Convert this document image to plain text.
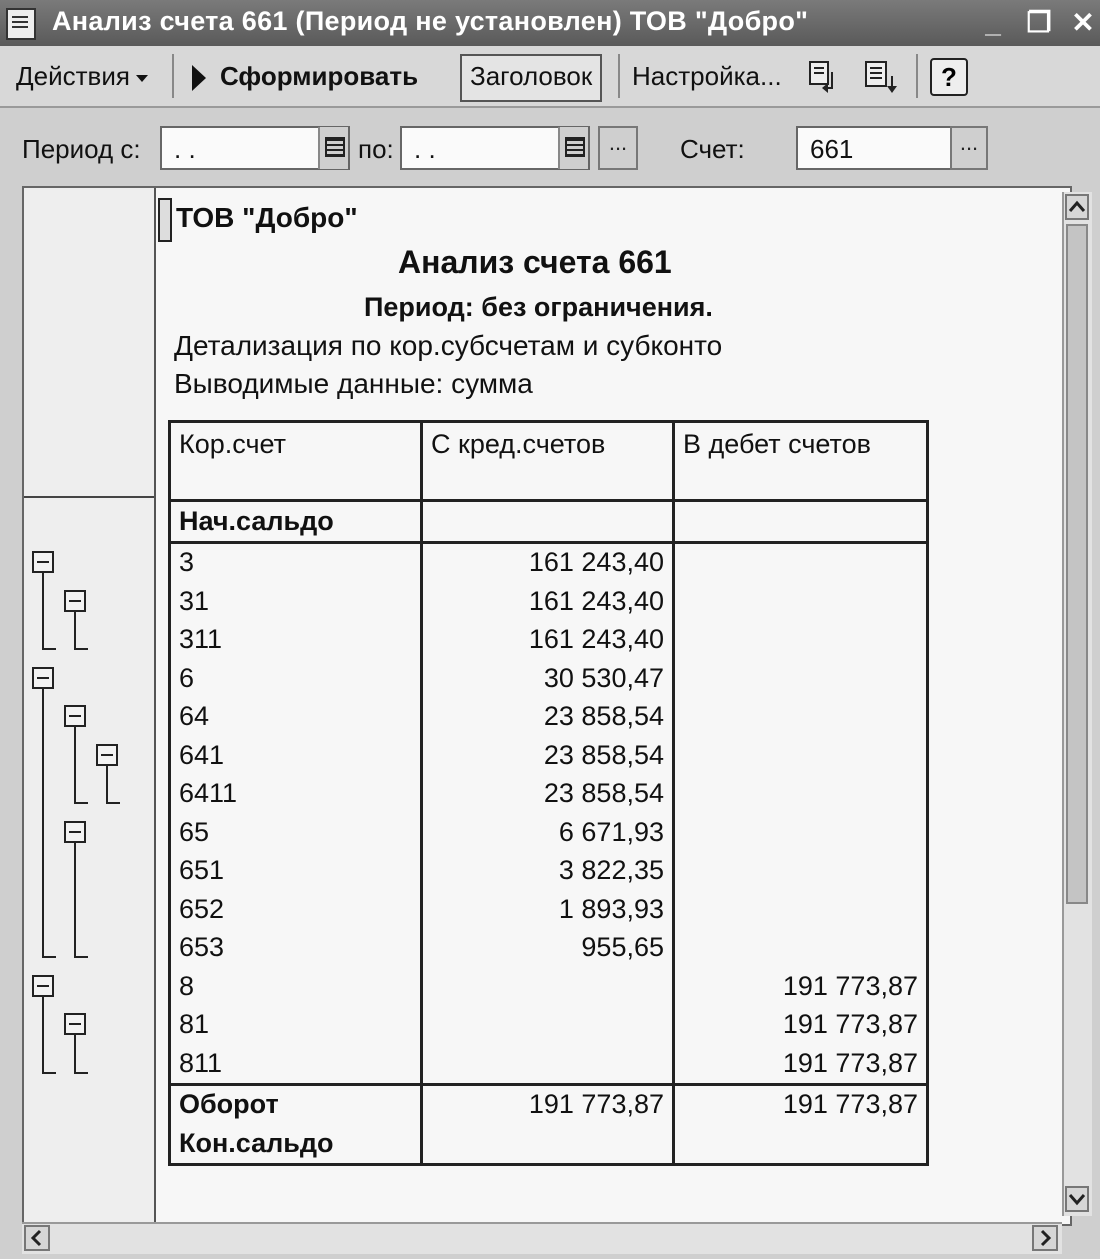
Анализ счета 661 (Период не установлен) ТОВ "Добро"	_ ❐ ✕
Действия	Сформировать	Заголовок	Настройка...	?
Период с:	. .	по: . .	...	Счет:	661	...
ТОВ "Добро"
Анализ счета 661
Период: без ограничения.
Детализация по кор.субсчетам и субконто
Выводимые данные: сумма
Кор.счет	С кред.счетов	В дебет счетов
Нач.сальдо		
3	161 243,40	
31	161 243,40	
311	161 243,40	
6	30 530,47	
64	23 858,54	
641	23 858,54	
6411	23 858,54	
65	6 671,93	
651	3 822,35	
652	1 893,93	
653	955,65	
8		191 773,87
81		191 773,87
811		191 773,87
Оборот	191 773,87	191 773,87
Кон.сальдо		
